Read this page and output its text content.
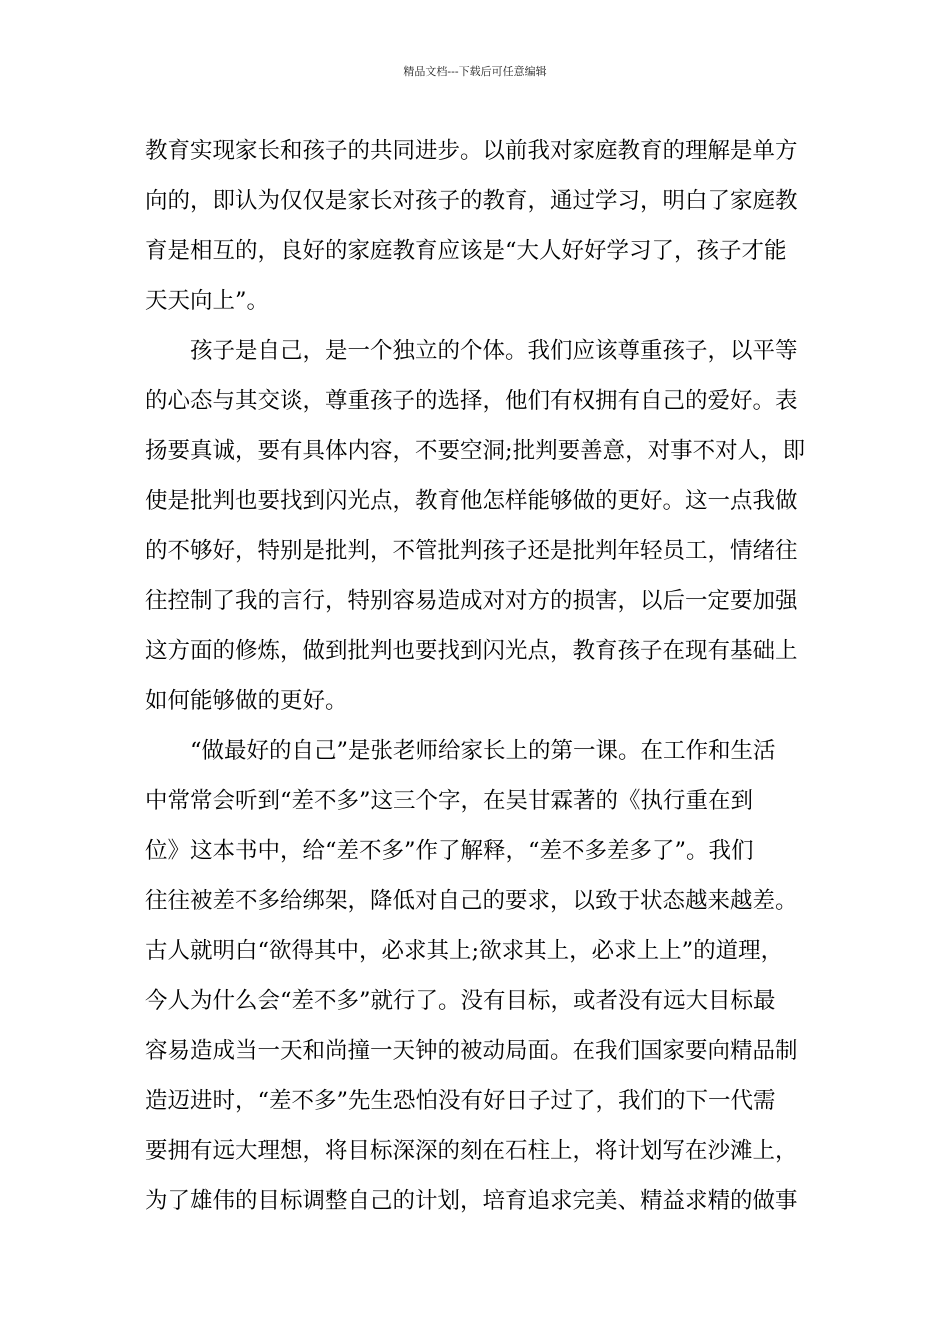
精品文档---下载后可任意编辑
教育实现家长和孩子的共同进步。以前我对家庭教育的理解是单方
向的，即认为仅仅是家长对孩子的教育，通过学习，明白了家庭教
育是相互的，良好的家庭教育应该是“大人好好学习了，孩子才能
天天向上”。
孩子是自己，是一个独立的个体。我们应该尊重孩子，以平等
的心态与其交谈，尊重孩子的选择，他们有权拥有自己的爱好。表
扬要真诚，要有具体内容，不要空洞;批判要善意，对事不对人，即
使是批判也要找到闪光点，教育他怎样能够做的更好。这一点我做
的不够好，特别是批判，不管批判孩子还是批判年轻员工，情绪往
往控制了我的言行，特别容易造成对对方的损害，以后一定要加强
这方面的修炼，做到批判也要找到闪光点，教育孩子在现有基础上
如何能够做的更好。
“做最好的自己”是张老师给家长上的第一课。在工作和生活
中常常会听到“差不多”这三个字，在吴甘霖著的《执行重在到
位》这本书中，给“差不多”作了解释，“差不多差多了”。我们
往往被差不多给绑架，降低对自己的要求，以致于状态越来越差。
古人就明白“欲得其中，必求其上;欲求其上，必求上上”的道理，
今人为什么会“差不多”就行了。没有目标，或者没有远大目标最
容易造成当一天和尚撞一天钟的被动局面。在我们国家要向精品制
造迈进时，“差不多”先生恐怕没有好日子过了，我们的下一代需
要拥有远大理想，将目标深深的刻在石柱上，将计划写在沙滩上，
为了雄伟的目标调整自己的计划，培育追求完美、精益求精的做事
